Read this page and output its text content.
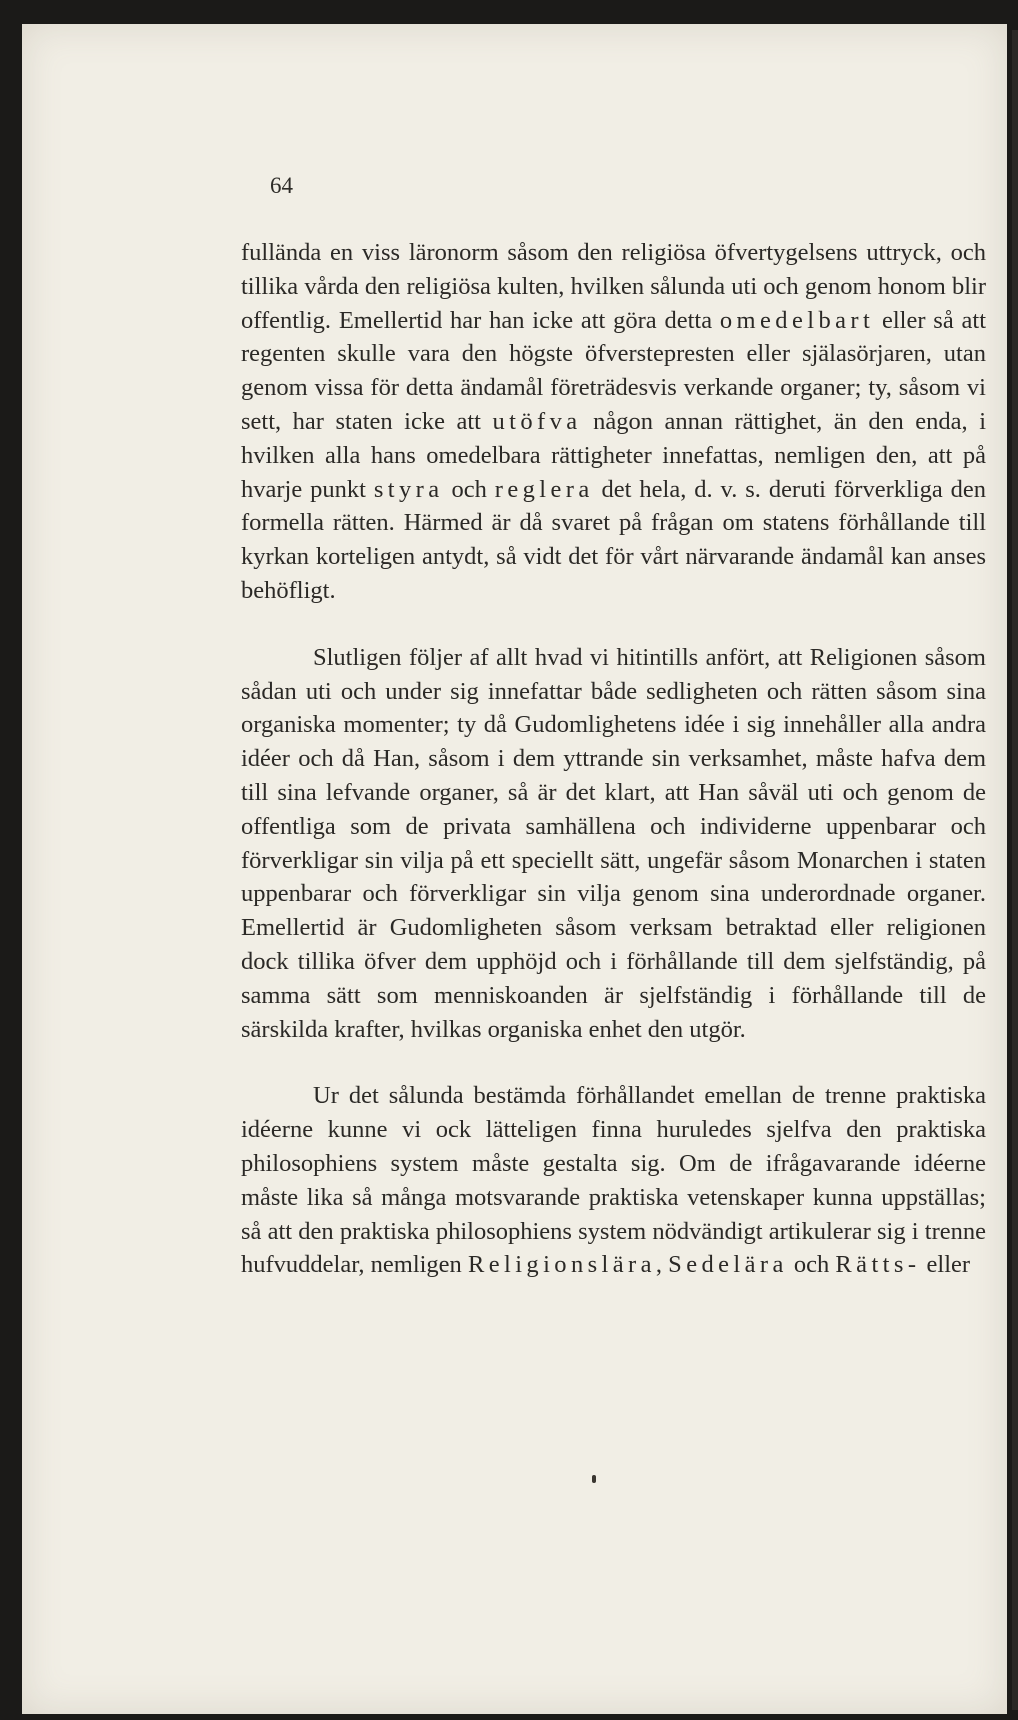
64

fullända en viss läronorm såsom den religiösa öfvertygelsens uttryck, och tillika vårda den religiösa kulten, hvilken sålunda uti och genom honom blir offentlig. Emellertid har han icke att göra detta omedelbart eller så att regenten skulle vara den högste öfverstepresten eller själasörjaren, utan genom vissa för detta ändamål företrädesvis verkande organer; ty, såsom vi sett, har staten icke att utöfva någon annan rättighet, än den enda, i hvilken alla hans omedelbara rättigheter innefattas, nemligen den, att på hvarje punkt styra och reglera det hela, d. v. s. deruti förverkliga den formella rätten. Härmed är då svaret på frågan om statens förhållande till kyrkan korteligen antydt, så vidt det för vårt närvarande ändamål kan anses behöfligt.

Slutligen följer af allt hvad vi hitintills anfört, att Religionen såsom sådan uti och under sig innefattar både sedligheten och rätten såsom sina organiska momenter; ty då Gudomlighetens idée i sig innehåller alla andra idéer och då Han, såsom i dem yttrande sin verksamhet, måste hafva dem till sina lefvande organer, så är det klart, att Han såväl uti och genom de offentliga som de privata samhällena och individerne uppenbarar och förverkligar sin vilja på ett speciellt sätt, ungefär såsom Monarchen i staten uppenbarar och förverkligar sin vilja genom sina underordnade organer. Emellertid är Gudomligheten såsom verksam betraktad eller religionen dock tillika öfver dem upphöjd och i förhållande till dem sjelfständig, på samma sätt som menniskoanden är sjelfständig i förhållande till de särskilda krafter, hvilkas organiska enhet den utgör.

Ur det sålunda bestämda förhållandet emellan de trenne praktiska idéerne kunne vi ock lätteligen finna huruledes sjelfva den praktiska philosophiens system måste gestalta sig. Om de ifrågavarande idéerne måste lika så många motsvarande praktiska vetenskaper kunna uppställas; så att den praktiska philosophiens system nödvändigt artikulerar sig i trenne hufvuddelar, nemligen Religionslära, Sedelära och Rätts- eller
